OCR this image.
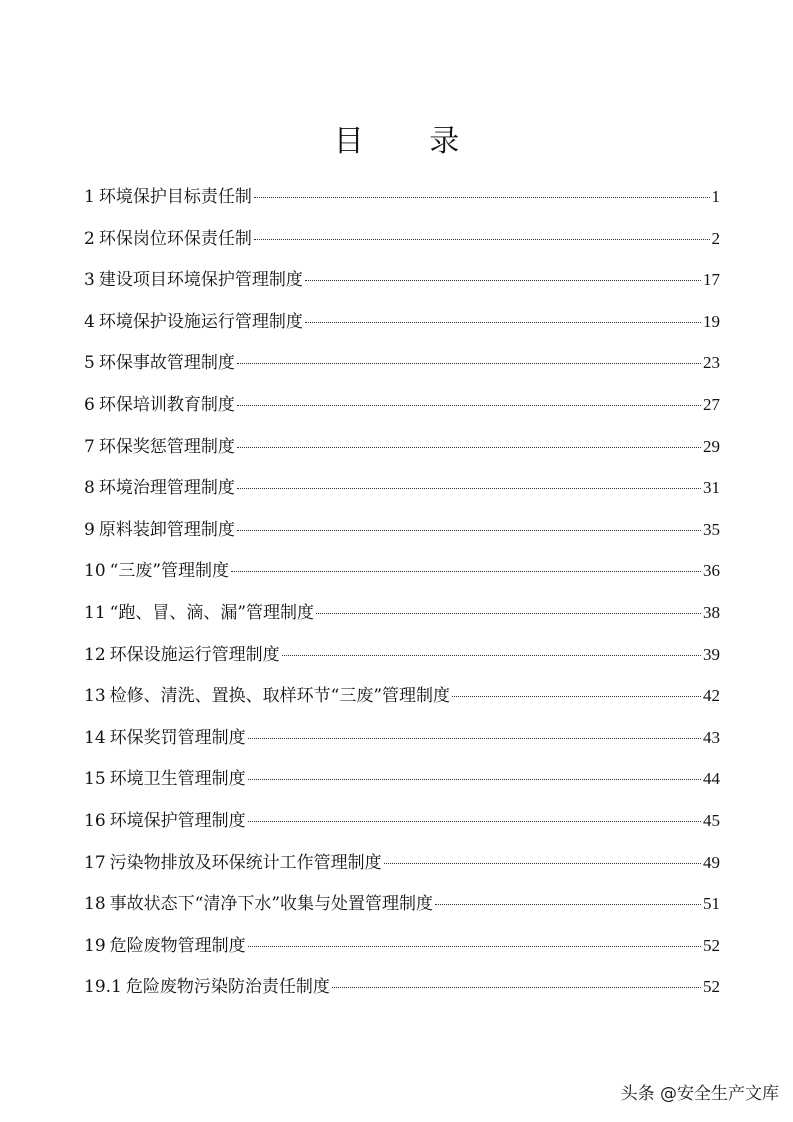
目 录
1 环境保护目标责任制	1
2 环保岗位环保责任制	2
3 建设项目环境保护管理制度	17
4 环境保护设施运行管理制度	19
5 环保事故管理制度	23
6 环保培训教育制度	27
7 环保奖惩管理制度	29
8 环境治理管理制度	31
9 原料装卸管理制度	35
10 “三废”管理制度	36
11 “跑、冒、滴、漏”管理制度	38
12 环保设施运行管理制度	39
13 检修、清洗、置换、取样环节“三废”管理制度	42
14 环保奖罚管理制度	43
15 环境卫生管理制度	44
16 环境保护管理制度	45
17 污染物排放及环保统计工作管理制度	49
18 事故状态下“清净下水”收集与处置管理制度	51
19 危险废物管理制度	52
19.1 危险废物污染防治责任制度	52
头条 @安全生产文库
